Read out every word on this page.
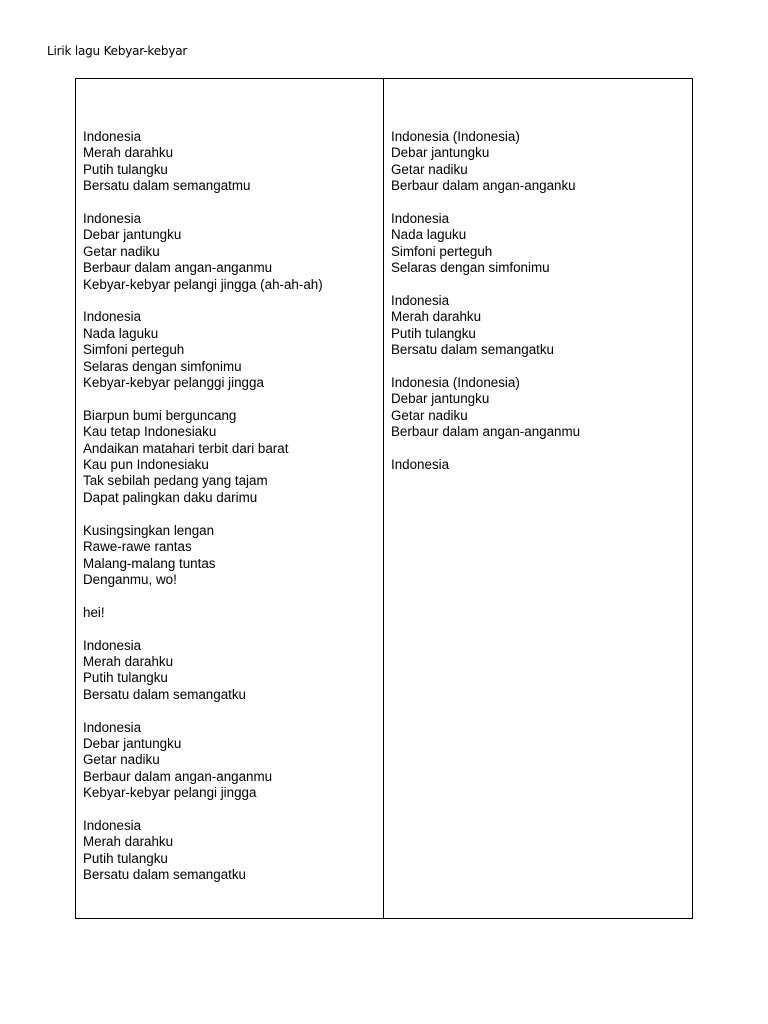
Lirik lagu Kebyar-kebyar
Indonesia
Merah darahku
Putih tulangku
Bersatu dalam semangatmu
Indonesia
Debar jantungku
Getar nadiku
Berbaur dalam angan-anganmu
Kebyar-kebyar pelangi jingga (ah-ah-ah)
Indonesia
Nada laguku
Simfoni perteguh
Selaras dengan simfonimu
Kebyar-kebyar pelanggi jingga
Biarpun bumi berguncang
Kau tetap Indonesiaku
Andaikan matahari terbit dari barat
Kau pun Indonesiaku
Tak sebilah pedang yang tajam
Dapat palingkan daku darimu
Kusingsingkan lengan
Rawe-rawe rantas
Malang-malang tuntas
Denganmu, wo!
hei!
Indonesia
Merah darahku
Putih tulangku
Bersatu dalam semangatku
Indonesia
Debar jantungku
Getar nadiku
Berbaur dalam angan-anganmu
Kebyar-kebyar pelangi jingga
Indonesia
Merah darahku
Putih tulangku
Bersatu dalam semangatku
Indonesia (Indonesia)
Debar jantungku
Getar nadiku
Berbaur dalam angan-anganku
Indonesia
Nada laguku
Simfoni perteguh
Selaras dengan simfonimu
Indonesia
Merah darahku
Putih tulangku
Bersatu dalam semangatku
Indonesia (Indonesia)
Debar jantungku
Getar nadiku
Berbaur dalam angan-anganmu
Indonesia
